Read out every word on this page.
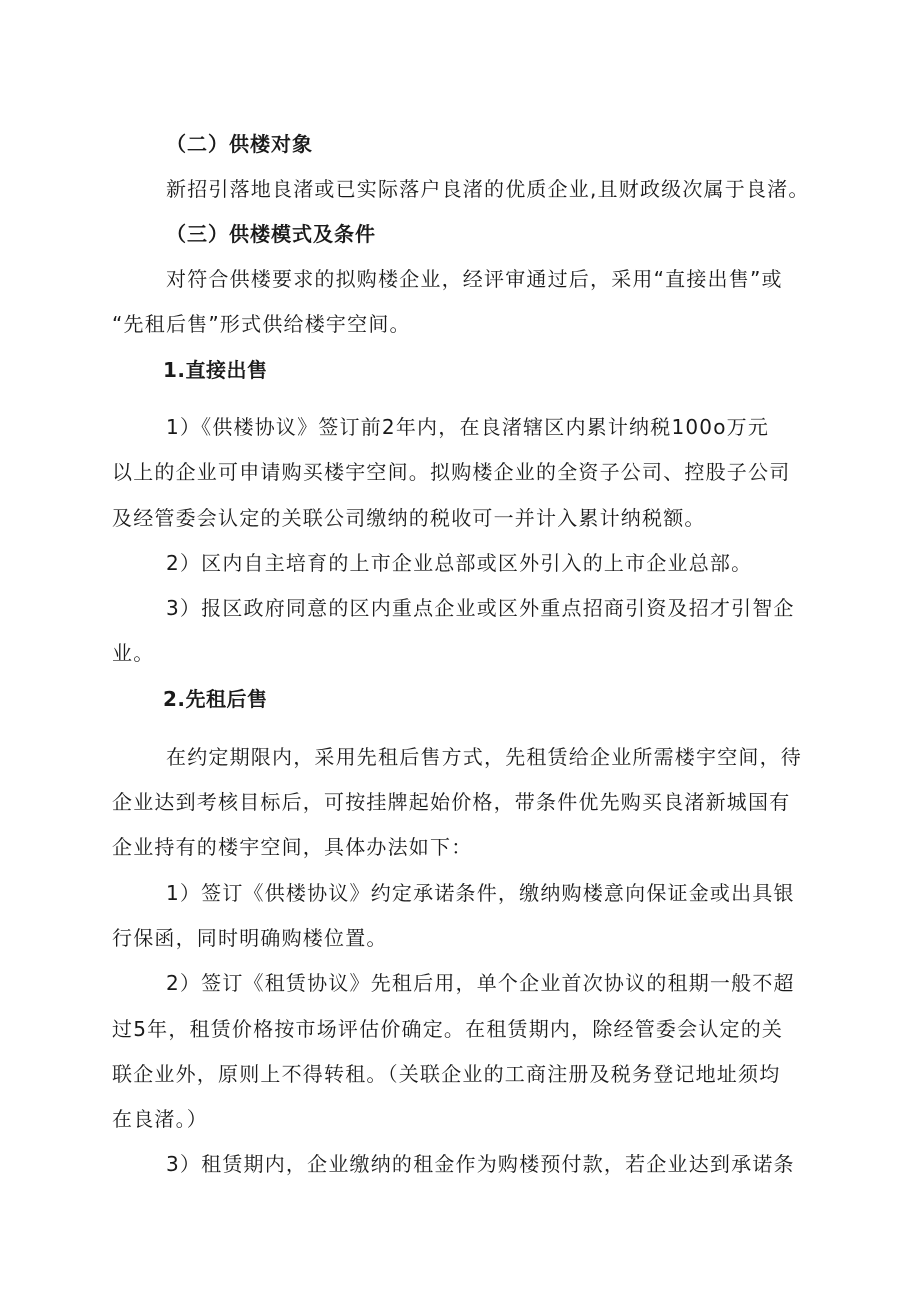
（二）供楼对象
新招引落地良渚或已实际落户良渚的优质企业,且财政级次属于良渚。
（三）供楼模式及条件
对符合供楼要求的拟购楼企业，经评审通过后，采用“直接出售”或
“先租后售”形式供给楼宇空间。
1.直接出售
1）《供楼协议》签订前2年内，在良渚辖区内累计纳税100o万元
以上的企业可申请购买楼宇空间。拟购楼企业的全资子公司、控股子公司
及经管委会认定的关联公司缴纳的税收可一并计入累计纳税额。
2）区内自主培育的上市企业总部或区外引入的上市企业总部。
3）报区政府同意的区内重点企业或区外重点招商引资及招才引智企
业。
2.先租后售
在约定期限内，采用先租后售方式，先租赁给企业所需楼宇空间，待
企业达到考核目标后，可按挂牌起始价格，带条件优先购买良渚新城国有
企业持有的楼宇空间，具体办法如下：
1）签订《供楼协议》约定承诺条件，缴纳购楼意向保证金或出具银
行保函，同时明确购楼位置。
2）签订《租赁协议》先租后用，单个企业首次协议的租期一般不超
过5年，租赁价格按市场评估价确定。在租赁期内，除经管委会认定的关
联企业外，原则上不得转租。（关联企业的工商注册及税务登记地址须均
在良渚。）
3）租赁期内，企业缴纳的租金作为购楼预付款，若企业达到承诺条
